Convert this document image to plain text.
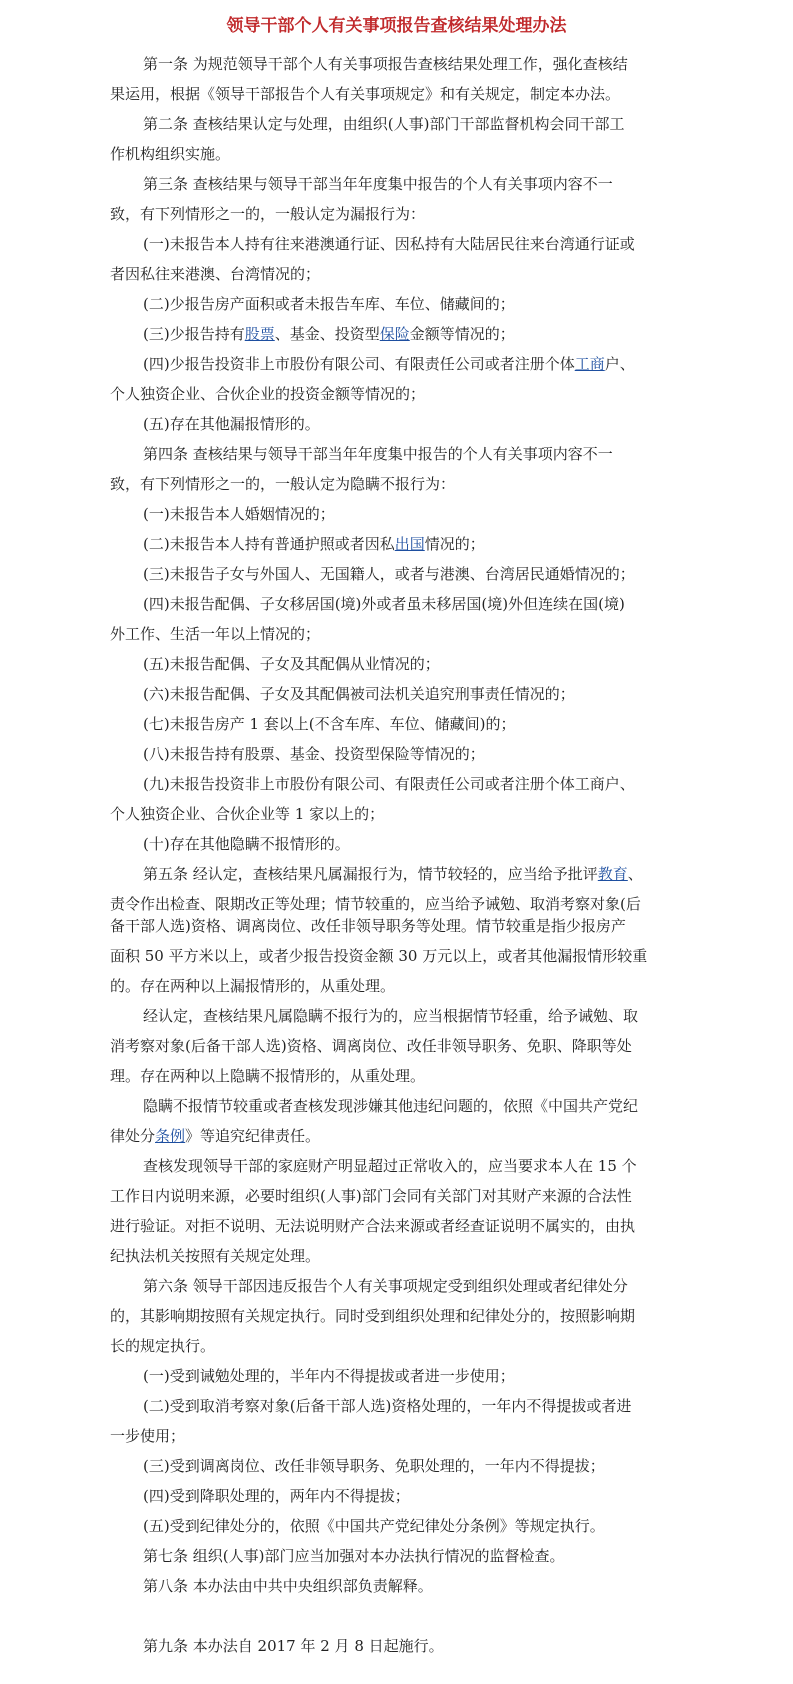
领导干部个人有关事项报告查核结果处理办法
第一条 为规范领导干部个人有关事项报告查核结果处理工作，强化查核结
果运用，根据《领导干部报告个人有关事项规定》和有关规定，制定本办法。
第二条 查核结果认定与处理，由组织(人事)部门干部监督机构会同干部工
作机构组织实施。
第三条 查核结果与领导干部当年年度集中报告的个人有关事项内容不一
致，有下列情形之一的，一般认定为漏报行为：
(一)未报告本人持有往来港澳通行证、因私持有大陆居民往来台湾通行证或
者因私往来港澳、台湾情况的；
(二)少报告房产面积或者未报告车库、车位、储藏间的；
(三)少报告持有股票、基金、投资型保险金额等情况的；
(四)少报告投资非上市股份有限公司、有限责任公司或者注册个体工商户、
个人独资企业、合伙企业的投资金额等情况的；
(五)存在其他漏报情形的。
第四条 查核结果与领导干部当年年度集中报告的个人有关事项内容不一
致，有下列情形之一的，一般认定为隐瞒不报行为：
(一)未报告本人婚姻情况的；
(二)未报告本人持有普通护照或者因私出国情况的；
(三)未报告子女与外国人、无国籍人，或者与港澳、台湾居民通婚情况的；
(四)未报告配偶、子女移居国(境)外或者虽未移居国(境)外但连续在国(境)
外工作、生活一年以上情况的；
(五)未报告配偶、子女及其配偶从业情况的；
(六)未报告配偶、子女及其配偶被司法机关追究刑事责任情况的；
(七)未报告房产 1 套以上(不含车库、车位、储藏间)的；
(八)未报告持有股票、基金、投资型保险等情况的；
(九)未报告投资非上市股份有限公司、有限责任公司或者注册个体工商户、
个人独资企业、合伙企业等 1 家以上的；
(十)存在其他隐瞒不报情形的。
第五条 经认定，查核结果凡属漏报行为，情节较轻的，应当给予批评教育、
责令作出检查、限期改正等处理；情节较重的，应当给予诫勉、取消考察对象(后
备干部人选)资格、调离岗位、改任非领导职务等处理。情节较重是指少报房产
面积 50 平方米以上，或者少报告投资金额 30 万元以上，或者其他漏报情形较重
的。存在两种以上漏报情形的，从重处理。
经认定，查核结果凡属隐瞒不报行为的，应当根据情节轻重，给予诫勉、取
消考察对象(后备干部人选)资格、调离岗位、改任非领导职务、免职、降职等处
理。存在两种以上隐瞒不报情形的，从重处理。
隐瞒不报情节较重或者查核发现涉嫌其他违纪问题的，依照《中国共产党纪
律处分条例》等追究纪律责任。
查核发现领导干部的家庭财产明显超过正常收入的，应当要求本人在 15 个
工作日内说明来源，必要时组织(人事)部门会同有关部门对其财产来源的合法性
进行验证。对拒不说明、无法说明财产合法来源或者经查证说明不属实的，由执
纪执法机关按照有关规定处理。
第六条 领导干部因违反报告个人有关事项规定受到组织处理或者纪律处分
的，其影响期按照有关规定执行。同时受到组织处理和纪律处分的，按照影响期
长的规定执行。
(一)受到诫勉处理的，半年内不得提拔或者进一步使用；
(二)受到取消考察对象(后备干部人选)资格处理的，一年内不得提拔或者进
一步使用；
(三)受到调离岗位、改任非领导职务、免职处理的，一年内不得提拔；
(四)受到降职处理的，两年内不得提拔；
(五)受到纪律处分的，依照《中国共产党纪律处分条例》等规定执行。
第七条 组织(人事)部门应当加强对本办法执行情况的监督检查。
第八条 本办法由中共中央组织部负责解释。
第九条 本办法自 2017 年 2 月 8 日起施行。
